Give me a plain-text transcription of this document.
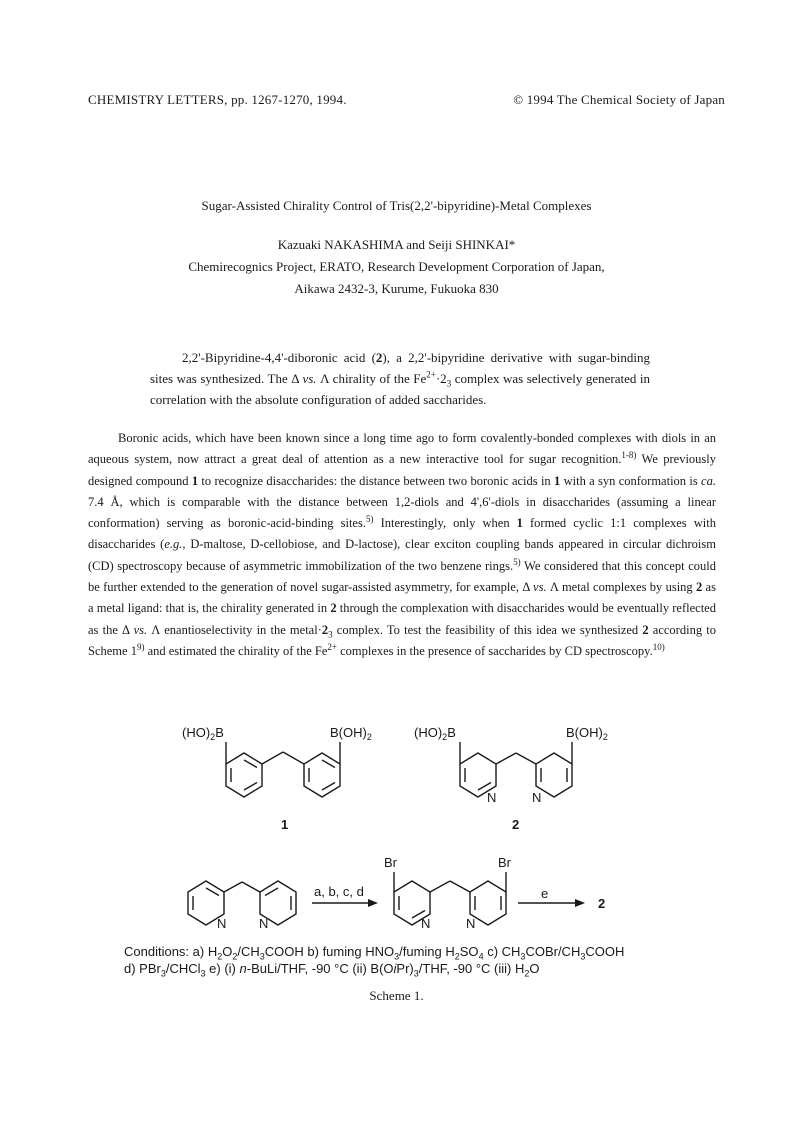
CHEMISTRY LETTERS, pp. 1267-1270, 1994.	© 1994 The Chemical Society of Japan
Sugar-Assisted Chirality Control of Tris(2,2'-bipyridine)-Metal Complexes
Kazuaki NAKASHIMA and Seiji SHINKAI*
Chemirecognics Project, ERATO, Research Development Corporation of Japan,
Aikawa 2432-3, Kurume, Fukuoka 830
2,2'-Bipyridine-4,4'-diboronic acid (2), a 2,2'-bipyridine derivative with sugar-binding sites was synthesized. The Δ vs. Λ chirality of the $Fe^{2+}\cdot 2_3$ complex was selectively generated in correlation with the absolute configuration of added saccharides.
Boronic acids, which have been known since a long time ago to form covalently-bonded complexes with diols in an aqueous system, now attract a great deal of attention as a new interactive tool for sugar recognition.$^{1-8)}$ We previously designed compound 1 to recognize disaccharides: the distance between two boronic acids in 1 with a syn conformation is ca. 7.4 Å, which is comparable with the distance between 1,2-diols and 4',6'-diols in disaccharides (assuming a linear conformation) serving as boronic-acid-binding sites.$^{5)}$ Interestingly, only when 1 formed cyclic 1:1 complexes with disaccharides (e.g., D-maltose, D-cellobiose, and D-lactose), clear exciton coupling bands appeared in circular dichroism (CD) spectroscopy because of asymmetric immobilization of the two benzene rings.$^{5)}$ We considered that this concept could be further extended to the generation of novel sugar-assisted asymmetry, for example, Δ vs. Λ metal complexes by using 2 as a metal ligand: that is, the chirality generated in 2 through the complexation with disaccharides would be eventually reflected as the Δ vs. Λ enantioselectivity in the $metal\cdot 2_3$ complex. To test the feasibility of this idea we synthesized 2 according to Scheme 1$^{9)}$ and estimated the chirality of the $Fe^{2+}$ complexes in the presence of saccharides by CD spectroscopy.$^{10)}$
$(HO)_2B$	$B(OH)_2$	$(HO)_2B$	$B(OH)_2$
N	N
1	2
N	N
a, b, c, d
Br	Br
N	N
e
2
Conditions: a) $H_2O_2/CH_3COOH$ b) fuming $HNO_3$/fuming $H_2SO_4$ c) $CH_3COBr/CH_3COOH$
d) PBr$_3$/CHCl$_3$ e) (i) n-BuLi/THF, -90 °C (ii) $B(OiPr)_3$/THF, -90 °C (iii) $H_2O$
Scheme 1.
